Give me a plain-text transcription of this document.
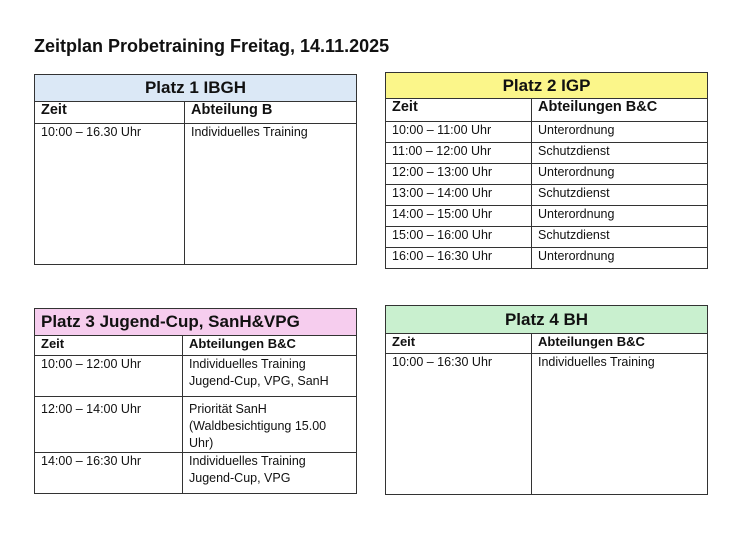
Zeitplan Probetraining Freitag, 14.11.2025
Platz 1 IBGH	
Zeit	Abteilung B
10:00 – 16.30 Uhr	Individuelles Training
Platz 2 IGP	
Zeit	Abteilungen B&C
10:00 – 11:00 Uhr	Unterordnung
11:00 – 12:00 Uhr	Schutzdienst
12:00 – 13:00 Uhr	Unterordnung
13:00 – 14:00 Uhr	Schutzdienst
14:00 – 15:00 Uhr	Unterordnung
15:00 – 16:00 Uhr	Schutzdienst
16:00 – 16:30 Uhr	Unterordnung
Platz 3 Jugend-Cup, SanH&VPG	
Zeit	Abteilungen B&C
10:00 – 12:00 Uhr	Individuelles Training
Jugend-Cup, VPG, SanH

12:00 – 14:00 Uhr	Priorität SanH
(Waldbesichtigung 15.00
Uhr)

14:00 – 16:30 Uhr	Individuelles Training
Jugend-Cup, VPG
Platz 4 BH	
Zeit	Abteilungen B&C
10:00 – 16:30 Uhr	Individuelles Training
